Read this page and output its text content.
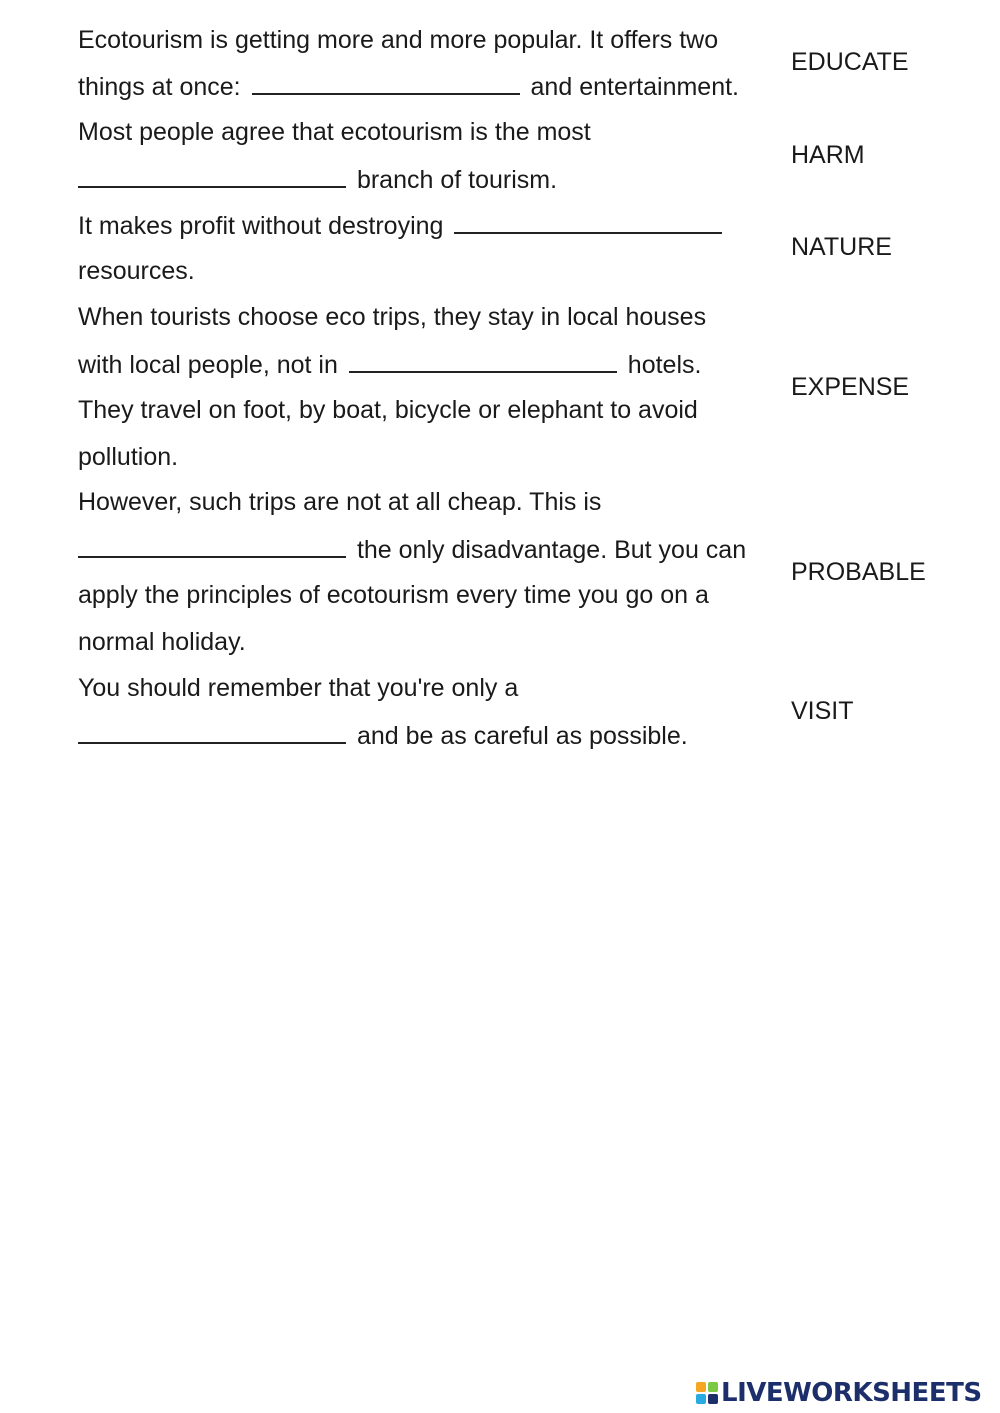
Ecotourism is getting more and more popular. It offers two
things at once:	and entertainment.
Most people agree that ecotourism is the most
branch of tourism.
It makes profit without destroying
resources.
When tourists choose eco trips, they stay in local houses
with local people, not in	hotels.
They travel on foot, by boat, bicycle or elephant to avoid
pollution.
However, such trips are not at all cheap. This is
the only disadvantage. But you can
apply the principles of ecotourism every time you go on a
normal holiday.
You should remember that you're only a
and be as careful as possible.
EDUCATE
HARM
NATURE
EXPENSE
PROBABLE
VISIT
LIVEWORKSHEETS
